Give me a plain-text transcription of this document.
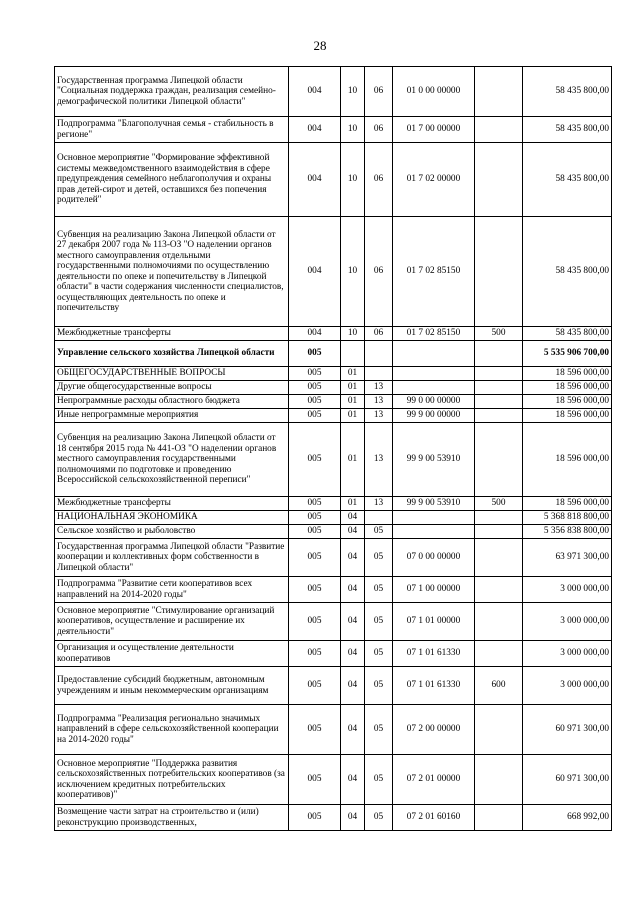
28
Государственная программа Липецкой области "Социальная поддержка граждан, реализация семейно-демографической политики Липецкой области"	004	10	06	01 0 00 00000		58 435 800,00
Подпрограмма "Благополучная семья - стабильность в регионе"	004	10	06	01 7 00 00000		58 435 800,00
Основное мероприятие "Формирование эффективной системы межведомственного взаимодействия в сфере предупреждения семейного неблагополучия и охраны прав детей-сирот и детей, оставшихся без попечения родителей"	004	10	06	01 7 02 00000		58 435 800,00
Субвенция на реализацию Закона Липецкой области от 27 декабря 2007 года № 113-ОЗ "О наделении органов местного самоуправления отдельными государственными полномочиями по осуществлению деятельности по опеке и попечительству в Липецкой области" в части содержания численности специалистов, осуществляющих деятельность по опеке и попечительству	004	10	06	01 7 02 85150		58 435 800,00
Межбюджетные трансферты	004	10	06	01 7 02 85150	500	58 435 800,00
Управление сельского хозяйства Липецкой области	005					5 535 906 700,00
ОБЩЕГОСУДАРСТВЕННЫЕ ВОПРОСЫ	005	01				18 596 000,00
Другие общегосударственные вопросы	005	01	13			18 596 000,00
Непрограммные расходы областного бюджета	005	01	13	99 0 00 00000		18 596 000,00
Иные непрограммные мероприятия	005	01	13	99 9 00 00000		18 596 000,00
Субвенция на реализацию Закона Липецкой области от 18 сентября 2015 года № 441-ОЗ "О наделении органов местного самоуправления государственными полномочиями по подготовке и проведению Всероссийской сельскохозяйственной переписи"	005	01	13	99 9 00 53910		18 596 000,00
Межбюджетные трансферты	005	01	13	99 9 00 53910	500	18 596 000,00
НАЦИОНАЛЬНАЯ ЭКОНОМИКА	005	04				5 368 818 800,00
Сельское хозяйство и рыболовство	005	04	05			5 356 838 800,00
Государственная программа Липецкой области "Развитие кооперации и коллективных форм собственности в Липецкой области"	005	04	05	07 0 00 00000		63 971 300,00
Подпрограмма "Развитие сети кооперативов всех направлений на 2014-2020 годы"	005	04	05	07 1 00 00000		3 000 000,00
Основное мероприятие "Стимулирование организаций кооперативов, осуществление и расширение их деятельности"	005	04	05	07 1 01 00000		3 000 000,00
Организация и осуществление деятельности кооперативов	005	04	05	07 1 01 61330		3 000 000,00
Предоставление субсидий бюджетным, автономным учреждениям и иным некоммерческим организациям	005	04	05	07 1 01 61330	600	3 000 000,00
Подпрограмма "Реализация регионально значимых направлений в сфере сельскохозяйственной кооперации на 2014-2020 годы"	005	04	05	07 2 00 00000		60 971 300,00
Основное мероприятие "Поддержка развития сельскохозяйственных потребительских кооперативов (за исключением кредитных потребительских кооперативов)"	005	04	05	07 2 01 00000		60 971 300,00
Возмещение части затрат на строительство и (или) реконструкцию производственных,	005	04	05	07 2 01 60160		668 992,00
